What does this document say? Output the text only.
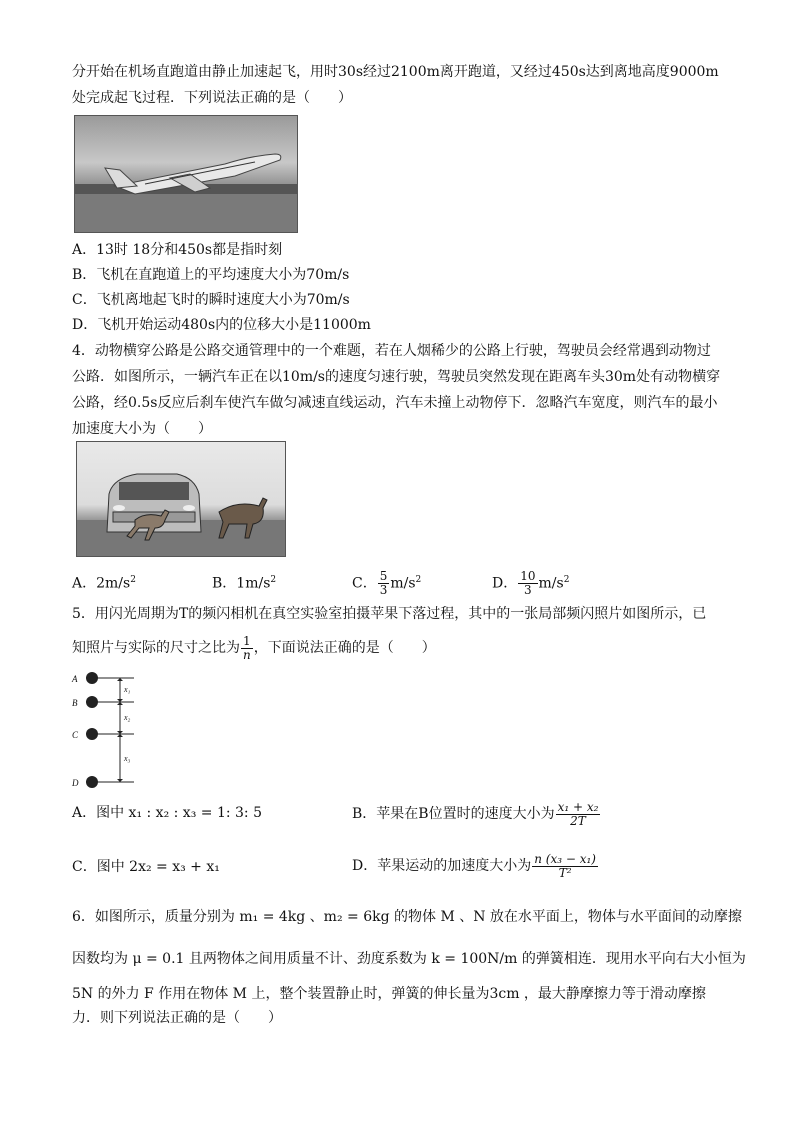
分开始在机场直跑道由静止加速起飞，用时30s经过2100m离开跑道，又经过450s达到离地高度9000m
处完成起飞过程．下列说法正确的是（　　）
A．13时 18分和450s都是指时刻
B．飞机在直跑道上的平均速度大小为70m/s
C．飞机离地起飞时的瞬时速度大小为70m/s
D．飞机开始运动480s内的位移大小是11000m
4．动物横穿公路是公路交通管理中的一个难题，若在人烟稀少的公路上行驶，驾驶员会经常遇到动物过
公路．如图所示，一辆汽车正在以10m/s的速度匀速行驶，驾驶员突然发现在距离车头30m处有动物横穿
公路，经0.5s反应后刹车使汽车做匀减速直线运动，汽车未撞上动物停下．忽略汽车宽度，则汽车的最小
加速度大小为（　　）
A．$2m/s^2$	B．$1m/s^2$	C． $\frac{5}{3} m/s^2$	D． $\frac{10}{3} m/s^2$
5．用闪光周期为T的频闪相机在真空实验室拍摄苹果下落过程，其中的一张局部频闪照片如图所示，已
知照片与实际的尺寸之比为 $\frac{1}{n}$ ，下面说法正确的是（　　）
A
B
C
D
x₁
x₂
x₃
A．图中 x₁ : x₂ : x₃ = 1: 3: 5	B．苹果在B位置时的速度大小为 $\frac{\text{x₁ + x₂}}{2T}$
C．图中 2x₂ = x₃ + x₁	D．苹果运动的加速度大小为 $\frac{\text{n (x₃ − x₁)}}{\text{T²}}$
6．如图所示，质量分别为 m₁ = 4kg 、m₂ = 6kg 的物体 M 、N 放在水平面上，物体与水平面间的动摩擦
因数均为 μ = 0.1 且两物体之间用质量不计、劲度系数为 k = 100N/m 的弹簧相连．现用水平向右大小恒为
5N 的外力 F 作用在物体 M 上，整个装置静止时，弹簧的伸长量为3cm ，最大静摩擦力等于滑动摩擦
力．则下列说法正确的是（　　）
